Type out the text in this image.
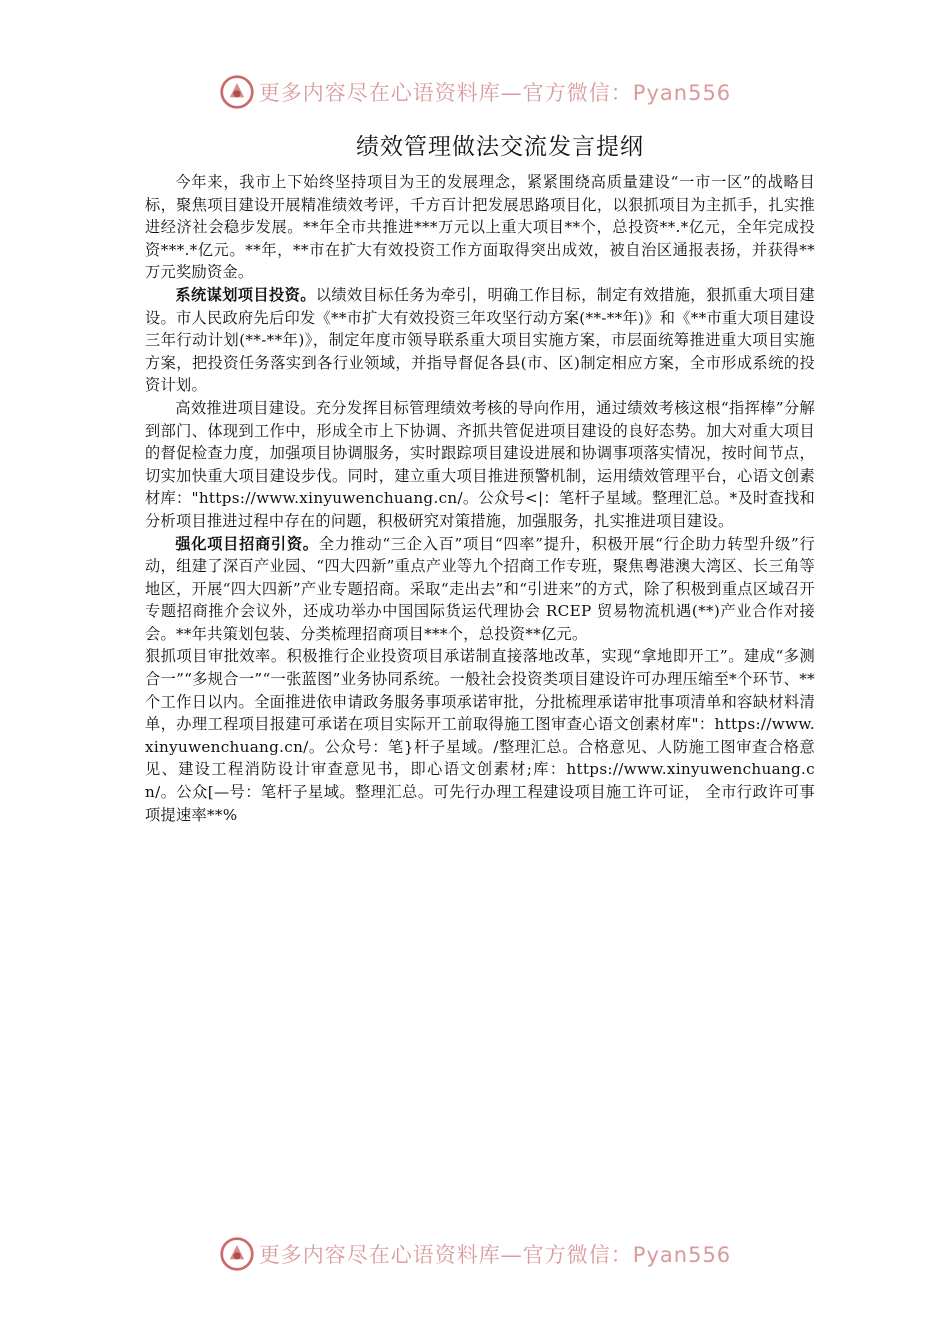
更多内容尽在心语资料库—官方微信：Pyan556
绩效管理做法交流发言提纲

今年来，我市上下始终坚持项目为王的发展理念，紧紧围绕高质量建设“一市一区”的战略目标，聚焦项目建设开展精准绩效考评，千方百计把发展思路项目化，以狠抓项目为主抓手，扎实推进经济社会稳步发展。**年全市共推进***万元以上重大项目**个，总投资**.*亿元，全年完成投资***.*亿元。**年，**市在扩大有效投资工作方面取得突出成效，被自治区通报表扬，并获得**万元奖励资金。

系统谋划项目投资。以绩效目标任务为牵引，明确工作目标，制定有效措施，狠抓重大项目建设。市人民政府先后印发《**市扩大有效投资三年攻坚行动方案(**-**年)》和《**市重大项目建设三年行动计划(**-**年)》，制定年度市领导联系重大项目实施方案，市层面统筹推进重大项目实施方案，把投资任务落实到各行业领域，并指导督促各县(市、区)制定相应方案，全市形成系统的投资计划。

高效推进项目建设。充分发挥目标管理绩效考核的导向作用，通过绩效考核这根“指挥棒”分解到部门、体现到工作中，形成全市上下协调、齐抓共管促进项目建设的良好态势。加大对重大项目的督促检查力度，加强项目协调服务，实时跟踪项目建设进展和协调事项落实情况，按时间节点，切实加快重大项目建设步伐。同时，建立重大项目推进预警机制，运用绩效管理平台，心语文创素材库："https://www.xinyuwenchuang.cn/。公众号<|：笔杆子星域。整理汇总。*及时查找和分析项目推进过程中存在的问题，积极研究对策措施，加强服务，扎实推进项目建设。

强化项目招商引资。全力推动“三企入百”项目“四率”提升，积极开展“行企助力转型升级”行动，组建了深百产业园、“四大四新”重点产业等九个招商工作专班，聚焦粤港澳大湾区、长三角等地区，开展“四大四新”产业专题招商。采取“走出去”和“引进来”的方式，除了积极到重点区域召开专题招商推介会议外，还成功举办中国国际货运代理协会 RCEP 贸易物流机遇(**)产业合作对接会。**年共策划包装、分类梳理招商项目***个，总投资**亿元。

狠抓项目审批效率。积极推行企业投资项目承诺制直接落地改革，实现“拿地即开工”。建成“多测合一”“多规合一”“一张蓝图”业务协同系统。一般社会投资类项目建设许可办理压缩至*个环节、**个工作日以内。全面推进依申请政务服务事项承诺审批，分批梳理承诺审批事项清单和容缺材料清单，办理工程项目报建可承诺在项目实际开工前取得施工图审查心语文创素材库"：https://www.xinyuwenchuang.cn/。公众号：笔}杆子星域。/整理汇总。合格意见、人防施工图审查合格意见、建设工程消防设计审查意见书，即心语文创素材;库：https://www.xinyuwenchuang.cn/。公众[—号：笔杆子星域。整理汇总。可先行办理工程建设项目施工许可证， 全市行政许可事项提速率**%

更多内容尽在心语资料库—官方微信：Pyan556
